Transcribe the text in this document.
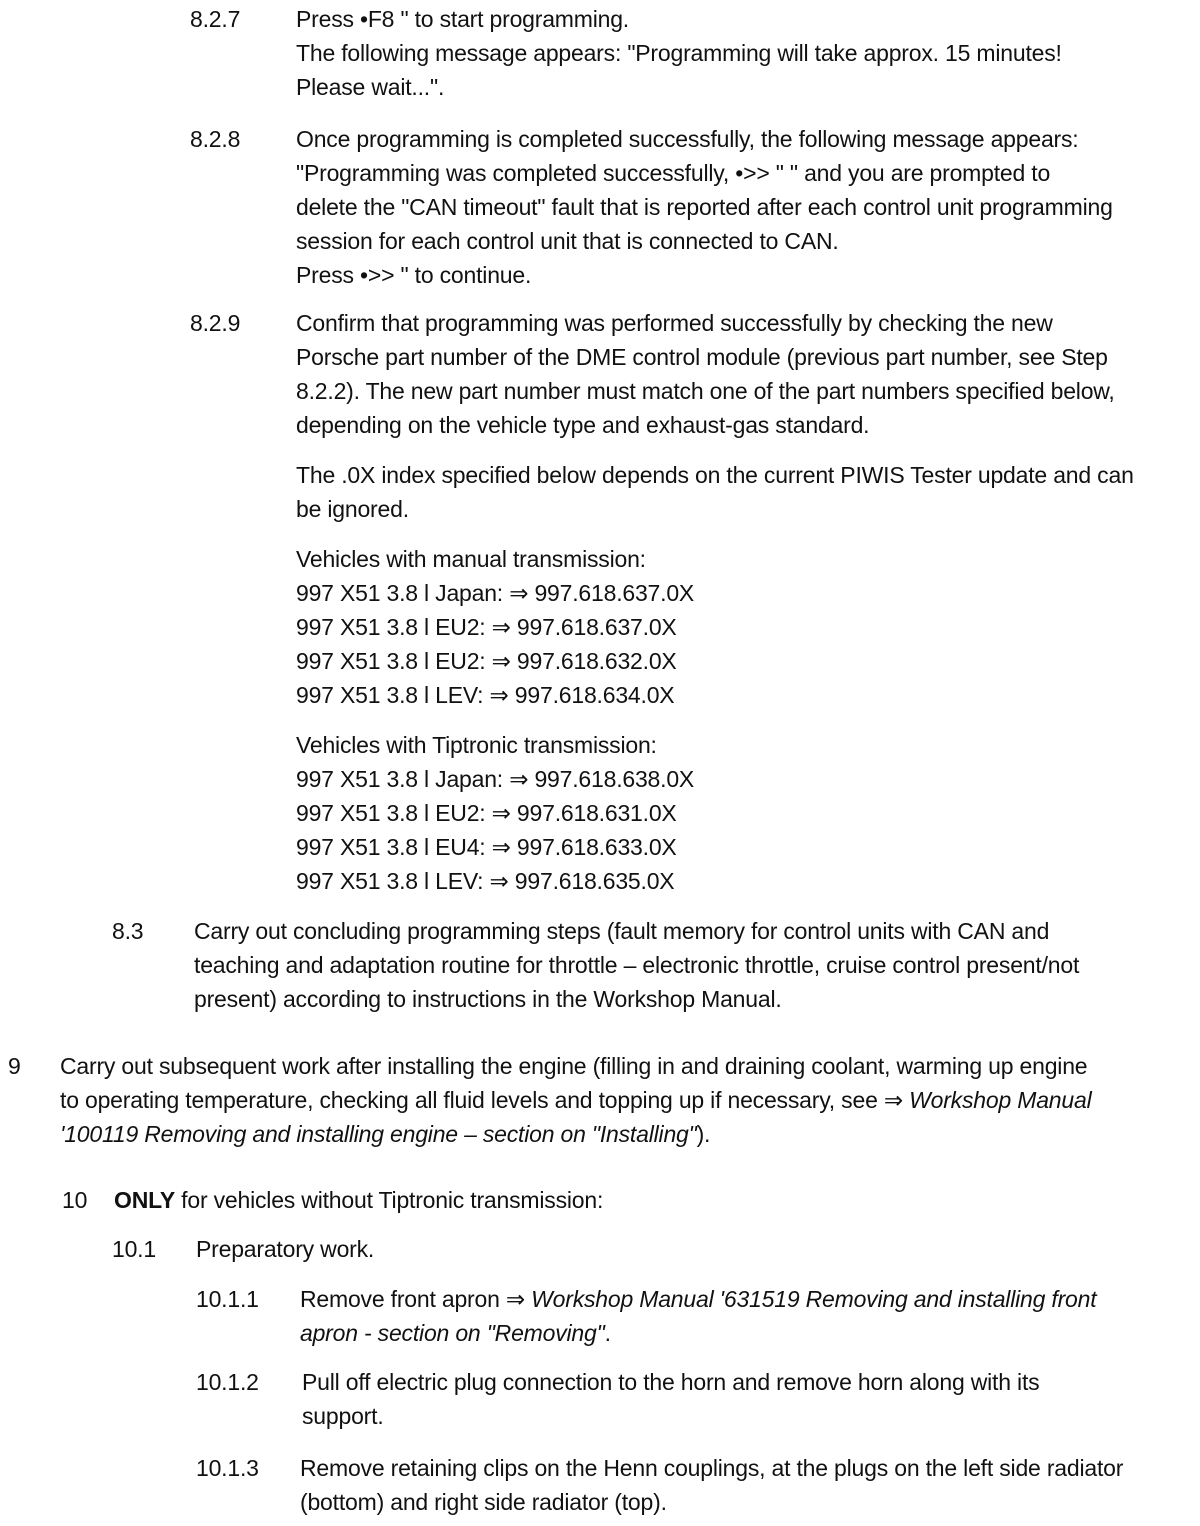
8.2.7 Press •F8 " to start programming.
The following message appears: "Programming will take approx. 15 minutes!
Please wait...".
8.2.8 Once programming is completed successfully, the following message appears:
"Programming was completed successfully, •>> " " and you are prompted to
delete the "CAN timeout" fault that is reported after each control unit programming
session for each control unit that is connected to CAN.
Press •>> " to continue.
8.2.9 Confirm that programming was performed successfully by checking the new
Porsche part number of the DME control module (previous part number, see Step
8.2.2). The new part number must match one of the part numbers specified below,
depending on the vehicle type and exhaust-gas standard.
The .0X index specified below depends on the current PIWIS Tester update and can
be ignored.
Vehicles with manual transmission:
997 X51 3.8 l Japan: ⇒ 997.618.637.0X
997 X51 3.8 l EU2: ⇒ 997.618.637.0X
997 X51 3.8 l EU2: ⇒ 997.618.632.0X
997 X51 3.8 l LEV: ⇒ 997.618.634.0X
Vehicles with Tiptronic transmission:
997 X51 3.8 l Japan: ⇒ 997.618.638.0X
997 X51 3.8 l EU2: ⇒ 997.618.631.0X
997 X51 3.8 l EU4: ⇒ 997.618.633.0X
997 X51 3.8 l LEV: ⇒ 997.618.635.0X
8.3 Carry out concluding programming steps (fault memory for control units with CAN and
teaching and adaptation routine for throttle – electronic throttle, cruise control present/not
present) according to instructions in the Workshop Manual.
9 Carry out subsequent work after installing the engine (filling in and draining coolant, warming up engine
to operating temperature, checking all fluid levels and topping up if necessary, see ⇒ Workshop Manual
'100119 Removing and installing engine – section on "Installing").
10 ONLY for vehicles without Tiptronic transmission:
10.1 Preparatory work.
10.1.1 Remove front apron ⇒ Workshop Manual '631519 Removing and installing front
apron - section on "Removing".
10.1.2 Pull off electric plug connection to the horn and remove horn along with its
support.
10.1.3 Remove retaining clips on the Henn couplings, at the plugs on the left side radiator
(bottom) and right side radiator (top).
